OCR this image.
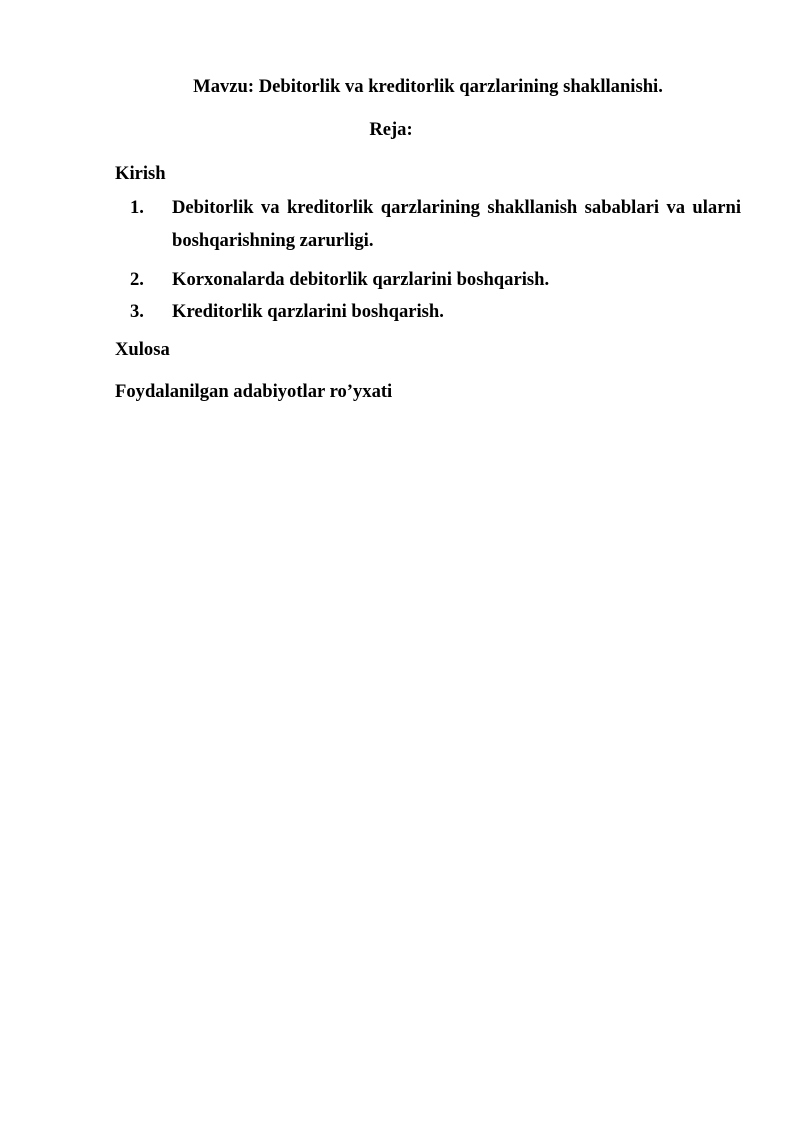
Mavzu: Debitorlik va kreditorlik qarzlarining shakllanishi.
Reja:
Kirish
1. Debitorlik va kreditorlik qarzlarining shakllanish sabablari va ularni
boshqarishning zarurligi.
2. Korxonalarda debitorlik qarzlarini boshqarish.
3. Kreditorlik qarzlarini boshqarish.
Xulosa
Foydalanilgan adabiyotlar ro’yxati
